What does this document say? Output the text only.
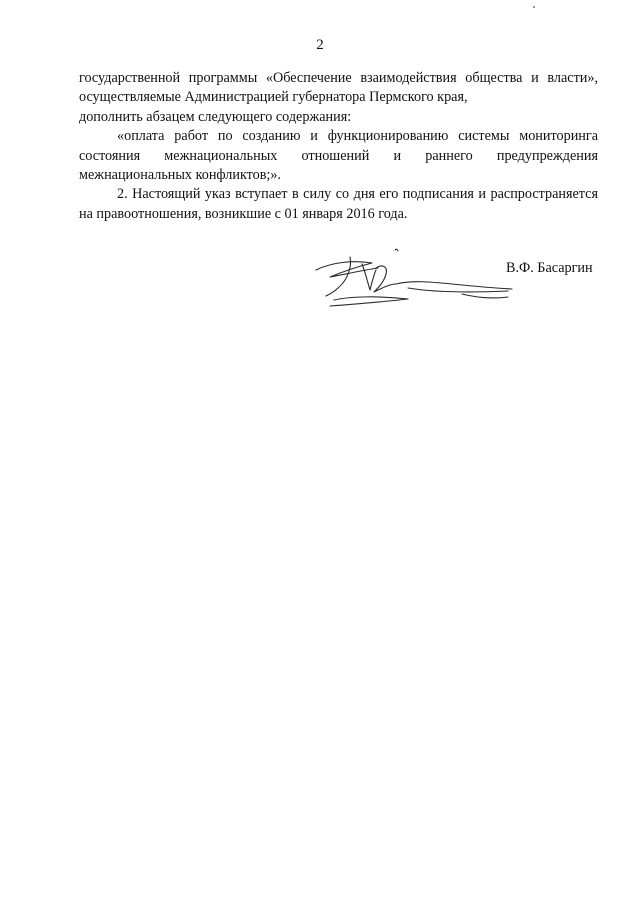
2

государственной программы «Обеспечение взаимодействия общества и власти», осуществляемые Администрацией губернатора Пермского края,

дополнить абзацем следующего содержания:

«оплата работ по созданию и функционированию системы мониторинга состояния межнациональных отношений и раннего предупреждения межнациональных конфликтов;».

2. Настоящий указ вступает в силу со дня его подписания и распространяется на правоотношения, возникшие с 01 января 2016 года.

В.Ф. Басаргин
